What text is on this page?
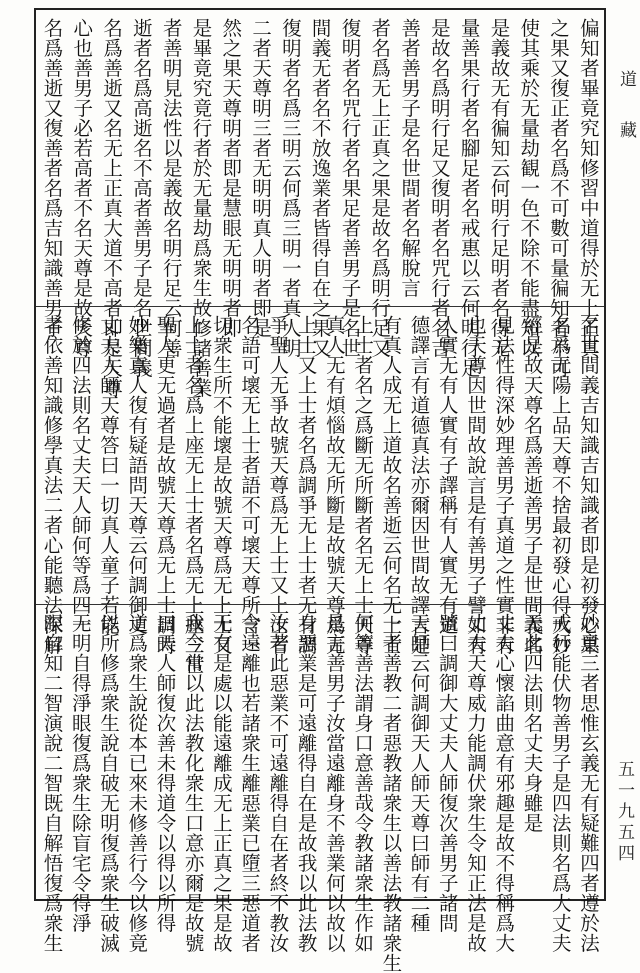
偏知者畢竟究知修習中道得於无上正真
之果又復正者名爲不可數可量徧知者不可
使其乘於无量劫観一色不除不能盡知以
是義故无有徧知云何明行足明者名得无
量善果行者名腳足者名戒惠以云何明行足
是故名爲明行足又復明者名咒行者名吉
善者善男子是名世間者名解脫言
者名爲无上正真之果是故名爲明行足又
復明者名咒行者名果足者善男子是名世
間義无者名不放逸業者皆得自在之果又
復明者名爲三明云何爲三明一者真人明
二者天尊明三者无明明真人明者即是
然之果天尊明者即是慧眼无明明者即
是畢竟究竟行者於无量劫爲衆生故修諸善業
者善明見法性以是義故名明行足云何善
逝者名爲高逝名不高者善男子是名世間義
名爲善逝又名无上正真大道不高者即是天尊
心也善男子必若高者不名天尊是故天尊
名爲善逝又復善者名爲吉知識善男子
名世間義吉知識吉知識者即是初發心果
名爲无陽上品天尊不捨最初發心得大妙
經是故天尊名爲善逝善男子是世間義名
見法性得深妙理善男子真道之性實非有
也天尊因世間故說言是有善男子譬如有
人實无有人實有子譯稱有人實无有道
德譯言有道德真法亦爾因世間故譯言是
有真人成无上道故名善逝云何名无上士
上士者名之爲斷无所斷者名无上士天尊
真人无有煩惱故无所斷是故號天尊爲无
上士又上士者名爲調爭无上士者无有調
爭聖人无爭故號天尊爲无上士又上士者
名語可壞无上士者語不可壞天尊所言一
切衆生所不能壞是故號天尊爲无上士又
上士者名爲上座无上士者名爲无上座三世
聖人更无過者是故號天尊爲无上士調時
妙樂真人復有疑語問天尊云何調御丈
丈夫人師天尊答曰一切真人童子若能
修於四法則名丈夫天人師何等爲四一
者依善知識修學真法二者心能聽法深解
妙意三者思惟玄義无有疑難四者遵於法
戒行能伏物善男子是四法則名爲大丈夫
无此四法則名丈夫身雖是
丈夫心懷諂曲意有邪趣是故不得稱爲大
丈夫天尊威力能調伏衆生令知正法是故
號曰調御大丈夫人師復次善男子諸問
天師云何調御天人師天尊曰師有二種
一者善教二者惡教諸衆生以善法教諸衆生
何等善法謂身口意善哉令教諸衆生作如
是言善男子汝當遠離身不善業何以故以
身惡業是可遠離得自在是故我以此法教
汝若此惡業不可遠離得自在者終不教汝
令遠離也若諸衆生離惡業已墮三惡道者
无有是處以能遠離成无上正真之果是故
我今常以此法教化衆生口意亦爾是故號
曰天人師復次善未得道令以得以所得
道爲衆生說從本已來未修善行今以修竟
以所修爲衆生說自破无明復爲衆生破滅
无明自得淨眼復爲衆生除盲宅令得淨
眼自知二智演說二智既自解悟復爲衆生
道藏
五一九五四
